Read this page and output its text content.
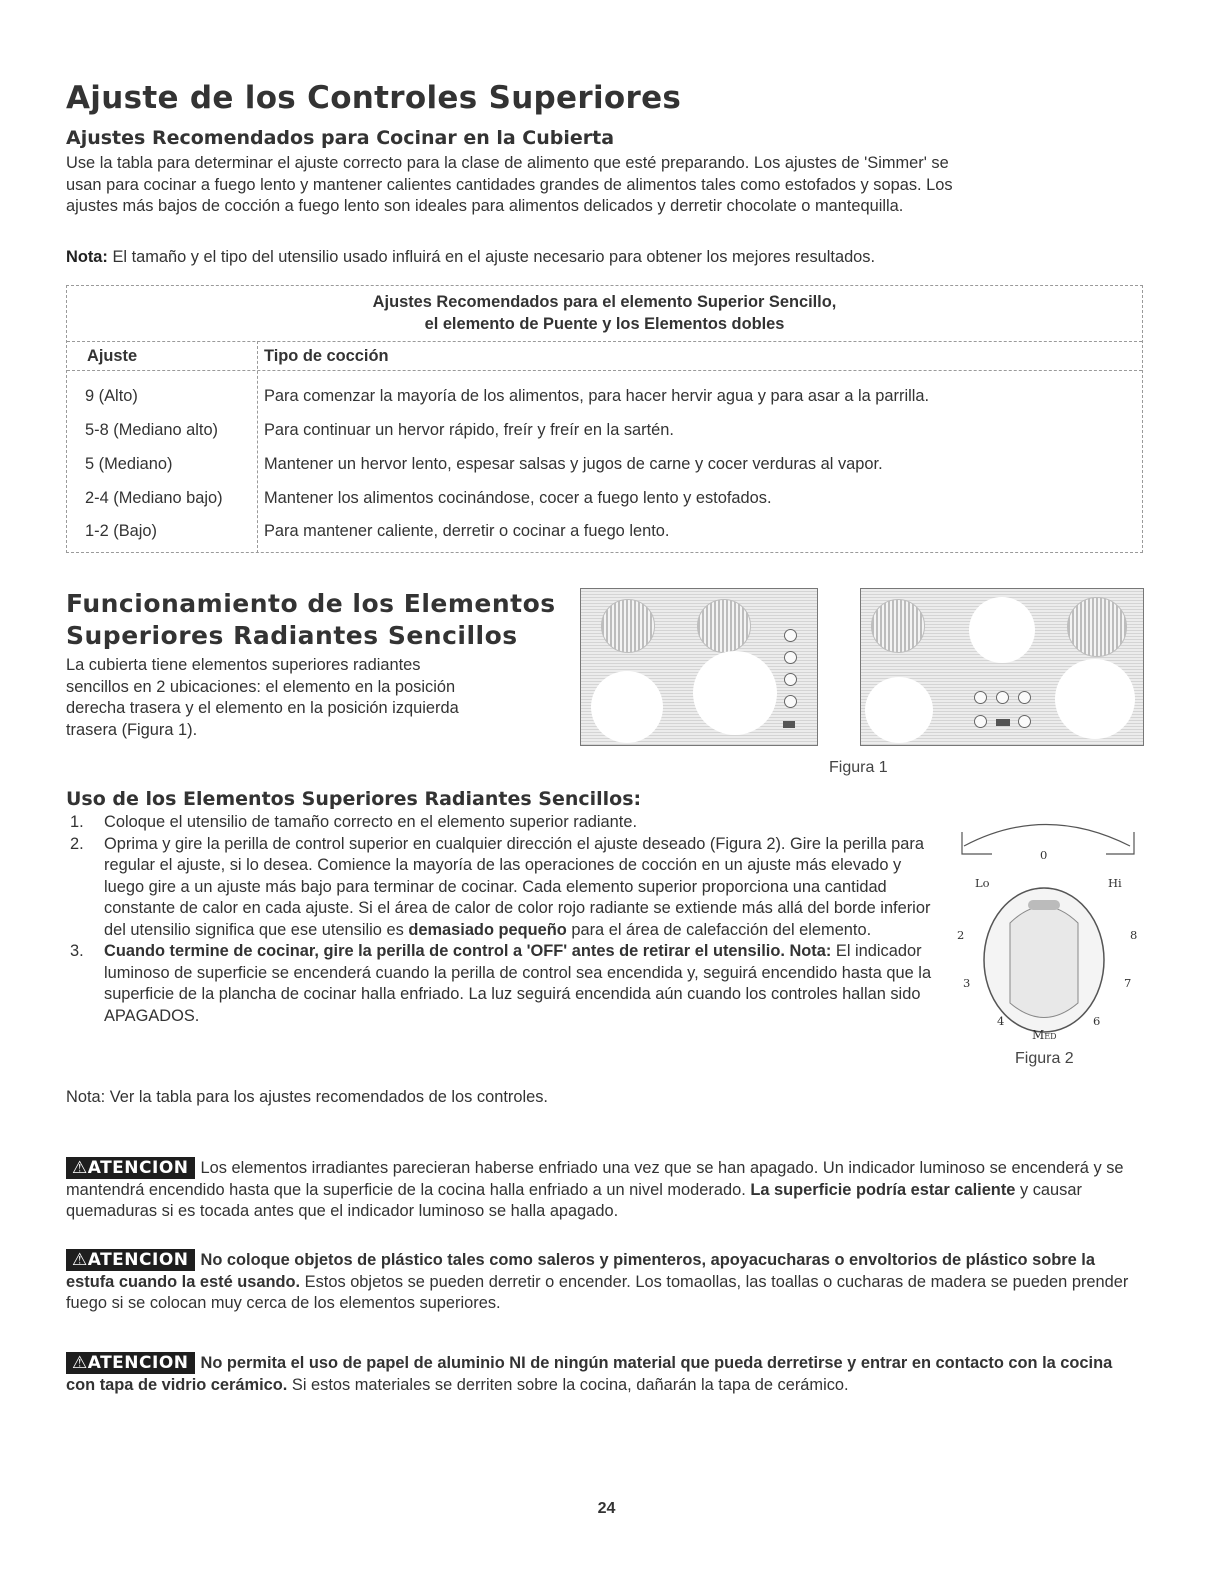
Ajuste de los Controles Superiores
Ajustes Recomendados para Cocinar en la Cubierta
Use la tabla para determinar el ajuste correcto para la clase de alimento que esté preparando. Los ajustes de 'Simmer' se
usan para cocinar a fuego lento y mantener calientes cantidades grandes de alimentos tales como estofados y sopas. Los
ajustes más bajos de cocción a fuego lento son ideales para alimentos delicados y derretir chocolate o mantequilla.
Nota: El tamaño y el tipo del utensilio usado influirá en el ajuste necesario para obtener los mejores resultados.
Ajustes Recomendados para el elemento Superior Sencillo,
el elemento de Puente y los Elementos dobles
Ajuste	Tipo de cocción
9 (Alto)	Para comenzar la mayoría de los alimentos, para hacer hervir agua y para asar a la parrilla.
5-8 (Mediano alto)	Para continuar un hervor rápido, freír y freír en la sartén.
5 (Mediano)	Mantener un hervor lento, espesar salsas y jugos de carne y cocer verduras al vapor.
2-4 (Mediano bajo)	Mantener los alimentos cocinándose, cocer a fuego lento y estofados.
1-2 (Bajo)	Para mantener caliente, derretir o cocinar a fuego lento.
Funcionamiento de los Elementos
Superiores Radiantes Sencillos
La cubierta tiene elementos superiores radiantes
sencillos en 2 ubicaciones: el elemento en la posición
derecha trasera y el elemento en la posición izquierda
trasera (Figura 1).
Figura 1
Uso de los Elementos Superiores Radiantes Sencillos:
1. Coloque el utensilio de tamaño correcto en el elemento superior radiante.
2. Oprima y gire la perilla de control superior en cualquier dirección el ajuste deseado (Figura 2). Gire la perilla para regular el ajuste, si lo desea. Comience la mayoría de las operaciones de cocción en un ajuste más elevado y luego gire a un ajuste más bajo para terminar de cocinar. Cada elemento superior proporciona una cantidad constante de calor en cada ajuste. Si el área de calor de color rojo radiante se extiende más allá del borde inferior del utensilio significa que ese utensilio es demasiado pequeño para el área de calefacción del elemento.
3. Cuando termine de cocinar, gire la perilla de control a 'OFF' antes de retirar el utensilio. Nota: El indicador luminoso de superficie se encenderá cuando la perilla de control sea encendida y, seguirá encendido hasta que la superficie de la plancha de cocinar halla enfriado. La luz seguirá encendida aún cuando los controles hallan sido APAGADOS.
Nota: Ver la tabla para los ajustes recomendados de los controles.
0
Lo	Hi
2	8
3	7
4	6
Med
Figura 2

⚠ATENCION Los elementos irradiantes parecieran haberse enfriado una vez que se han apagado. Un indicador luminoso se encenderá y se mantendrá encendido hasta que la superficie de la cocina halla enfriado a un nivel moderado. La superficie podría estar caliente y causar quemaduras si es tocada antes que el indicador luminoso se halla apagado.

⚠ATENCION No coloque objetos de plástico tales como saleros y pimenteros, apoyacucharas o envoltorios de plástico sobre la estufa cuando la esté usando. Estos objetos se pueden derretir o encender. Los tomaollas, las toallas o cucharas de madera se pueden prender fuego si se colocan muy cerca de los elementos superiores.

⚠ATENCION No permita el uso de papel de aluminio NI de ningún material que pueda derretirse y entrar en contacto con la cocina con tapa de vidrio cerámico. Si estos materiales se derriten sobre la cocina, dañarán la tapa de cerámico.

24
